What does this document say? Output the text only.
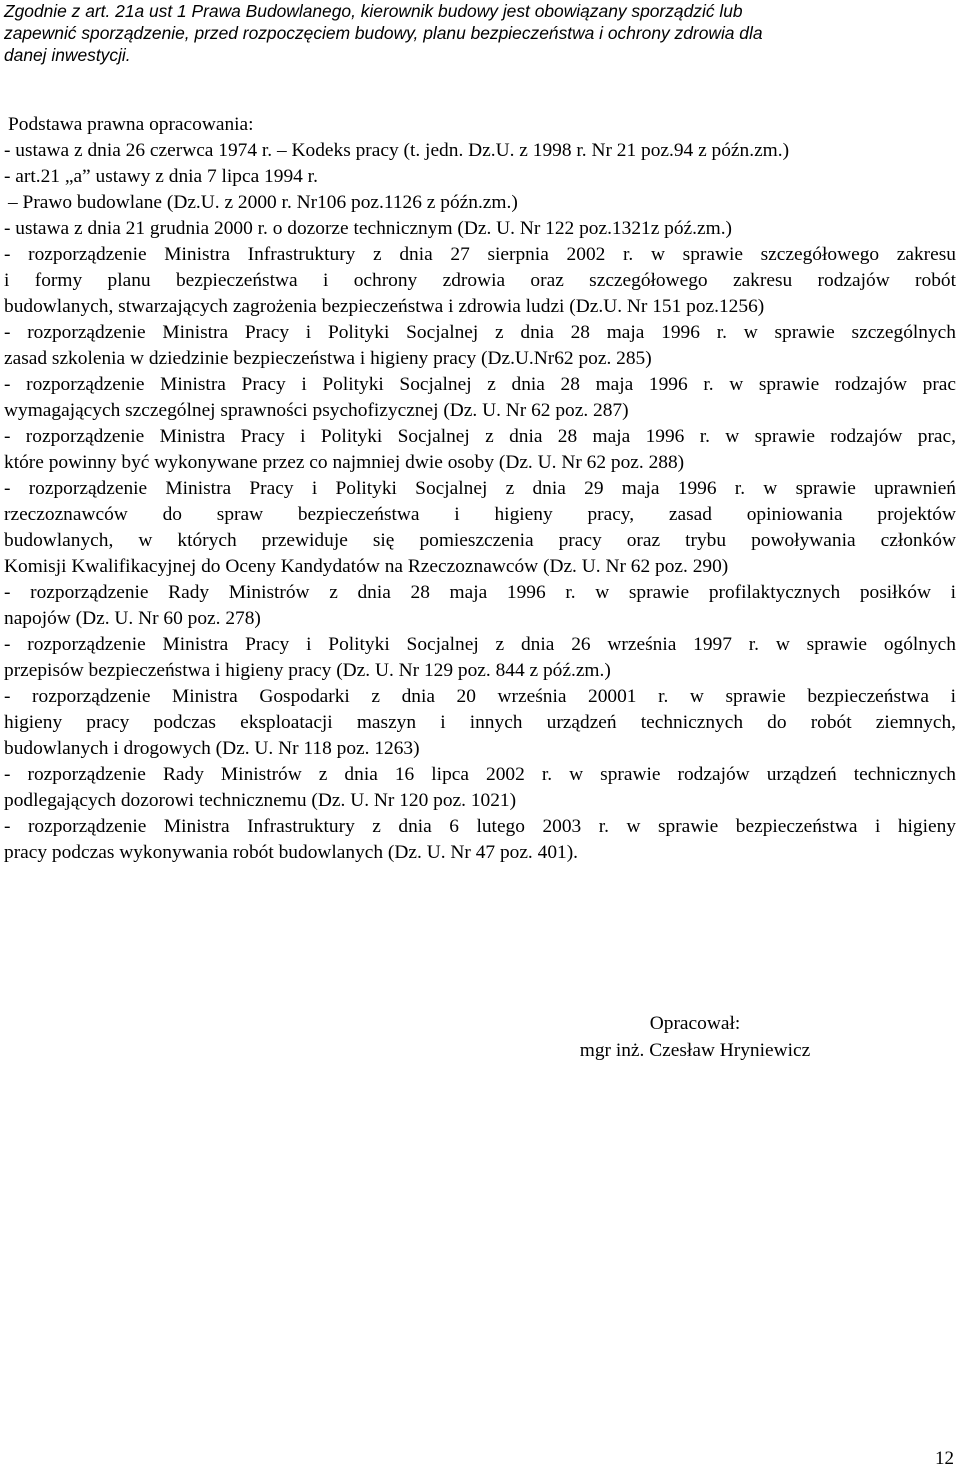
Zgodnie z art. 21a ust 1 Prawa Budowlanego, kierownik budowy jest obowiązany sporządzić lub
zapewnić sporządzenie, przed rozpoczęciem budowy, planu bezpieczeństwa i ochrony zdrowia dla
danej inwestycji.
Podstawa prawna opracowania:
- ustawa z dnia 26 czerwca 1974 r. – Kodeks pracy (t. jedn. Dz.U. z 1998 r. Nr 21 poz.94 z późn.zm.)
- art.21 „a” ustawy z dnia 7 lipca 1994 r.
– Prawo budowlane (Dz.U. z 2000 r. Nr106 poz.1126 z późn.zm.)
- ustawa z dnia 21 grudnia 2000 r. o dozorze technicznym (Dz. U. Nr 122 poz.1321z póź.zm.)
- rozporządzenie Ministra Infrastruktury z dnia 27 sierpnia 2002 r. w sprawie szczegółowego zakresu
i formy planu bezpieczeństwa i ochrony zdrowia oraz szczegółowego zakresu rodzajów robót
budowlanych, stwarzających zagrożenia bezpieczeństwa i zdrowia ludzi (Dz.U. Nr 151 poz.1256)
- rozporządzenie Ministra Pracy i Polityki Socjalnej z dnia 28 maja 1996 r. w sprawie szczególnych
zasad szkolenia w dziedzinie bezpieczeństwa i higieny pracy (Dz.U.Nr62 poz. 285)
- rozporządzenie Ministra Pracy i Polityki Socjalnej z dnia 28 maja 1996 r. w sprawie rodzajów prac
wymagających szczególnej sprawności psychofizycznej (Dz. U. Nr 62 poz. 287)
- rozporządzenie Ministra Pracy i Polityki Socjalnej z dnia 28 maja 1996 r. w sprawie rodzajów prac,
które powinny być wykonywane przez co najmniej dwie osoby (Dz. U. Nr 62 poz. 288)
- rozporządzenie Ministra Pracy i Polityki Socjalnej z dnia 29 maja 1996 r. w sprawie uprawnień
rzeczoznawców do spraw bezpieczeństwa i higieny pracy, zasad opiniowania projektów
budowlanych, w których przewiduje się pomieszczenia pracy oraz trybu powoływania członków
Komisji Kwalifikacyjnej do Oceny Kandydatów na Rzeczoznawców (Dz. U. Nr 62 poz. 290)
- rozporządzenie Rady Ministrów z dnia 28 maja 1996 r. w sprawie profilaktycznych posiłków i
napojów (Dz. U. Nr 60 poz. 278)
- rozporządzenie Ministra Pracy i Polityki Socjalnej z dnia 26 września 1997 r. w sprawie ogólnych
przepisów bezpieczeństwa i higieny pracy (Dz. U. Nr 129 poz. 844 z póź.zm.)
- rozporządzenie Ministra Gospodarki z dnia 20 września 20001 r. w sprawie bezpieczeństwa i
higieny pracy podczas eksploatacji maszyn i innych urządzeń technicznych do robót ziemnych,
budowlanych i drogowych (Dz. U. Nr 118 poz. 1263)
- rozporządzenie Rady Ministrów z dnia 16 lipca 2002 r. w sprawie rodzajów urządzeń technicznych
podlegających dozorowi technicznemu (Dz. U. Nr 120 poz. 1021)
- rozporządzenie Ministra Infrastruktury z dnia 6 lutego 2003 r. w sprawie bezpieczeństwa i higieny
pracy podczas wykonywania robót budowlanych (Dz. U. Nr 47 poz. 401).
Opracował:
mgr inż. Czesław Hryniewicz
12
